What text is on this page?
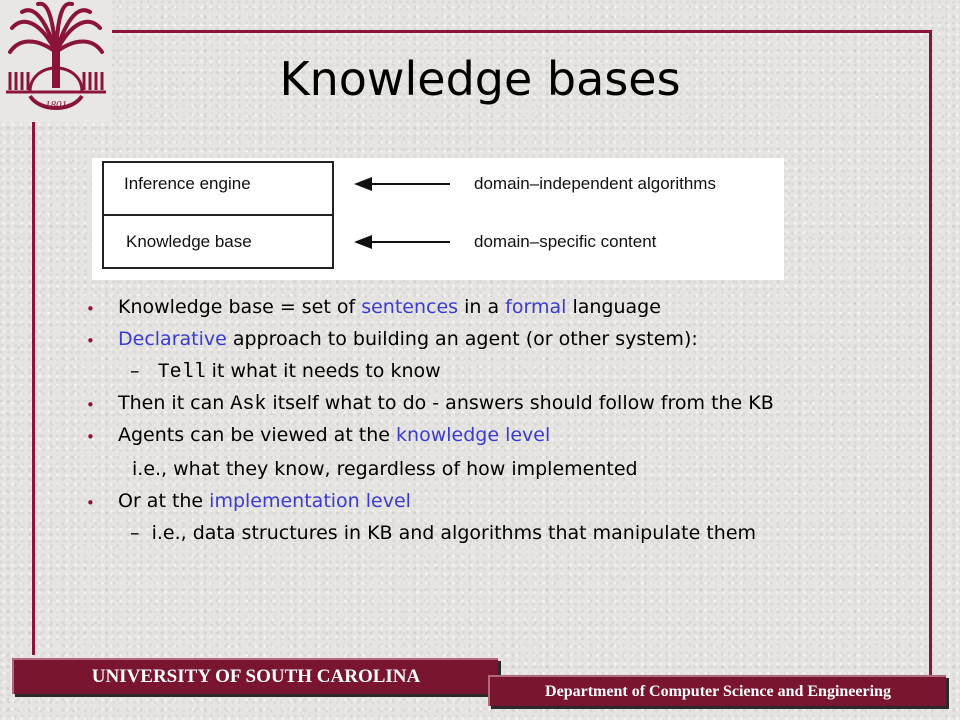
1801	Knowledge bases
Inference engine
Knowledge base
domain–independent algorithms
domain–specific content
• Knowledge base = set of sentences in a formal language
• Declarative approach to building an agent (or other system):
– Tell it what it needs to know
• Then it can Ask itself what to do - answers should follow from the KB
• Agents can be viewed at the knowledge level
i.e., what they know, regardless of how implemented
• Or at the implementation level
– i.e., data structures in KB and algorithms that manipulate them
UNIVERSITY OF SOUTH CAROLINA
Department of Computer Science and Engineering
